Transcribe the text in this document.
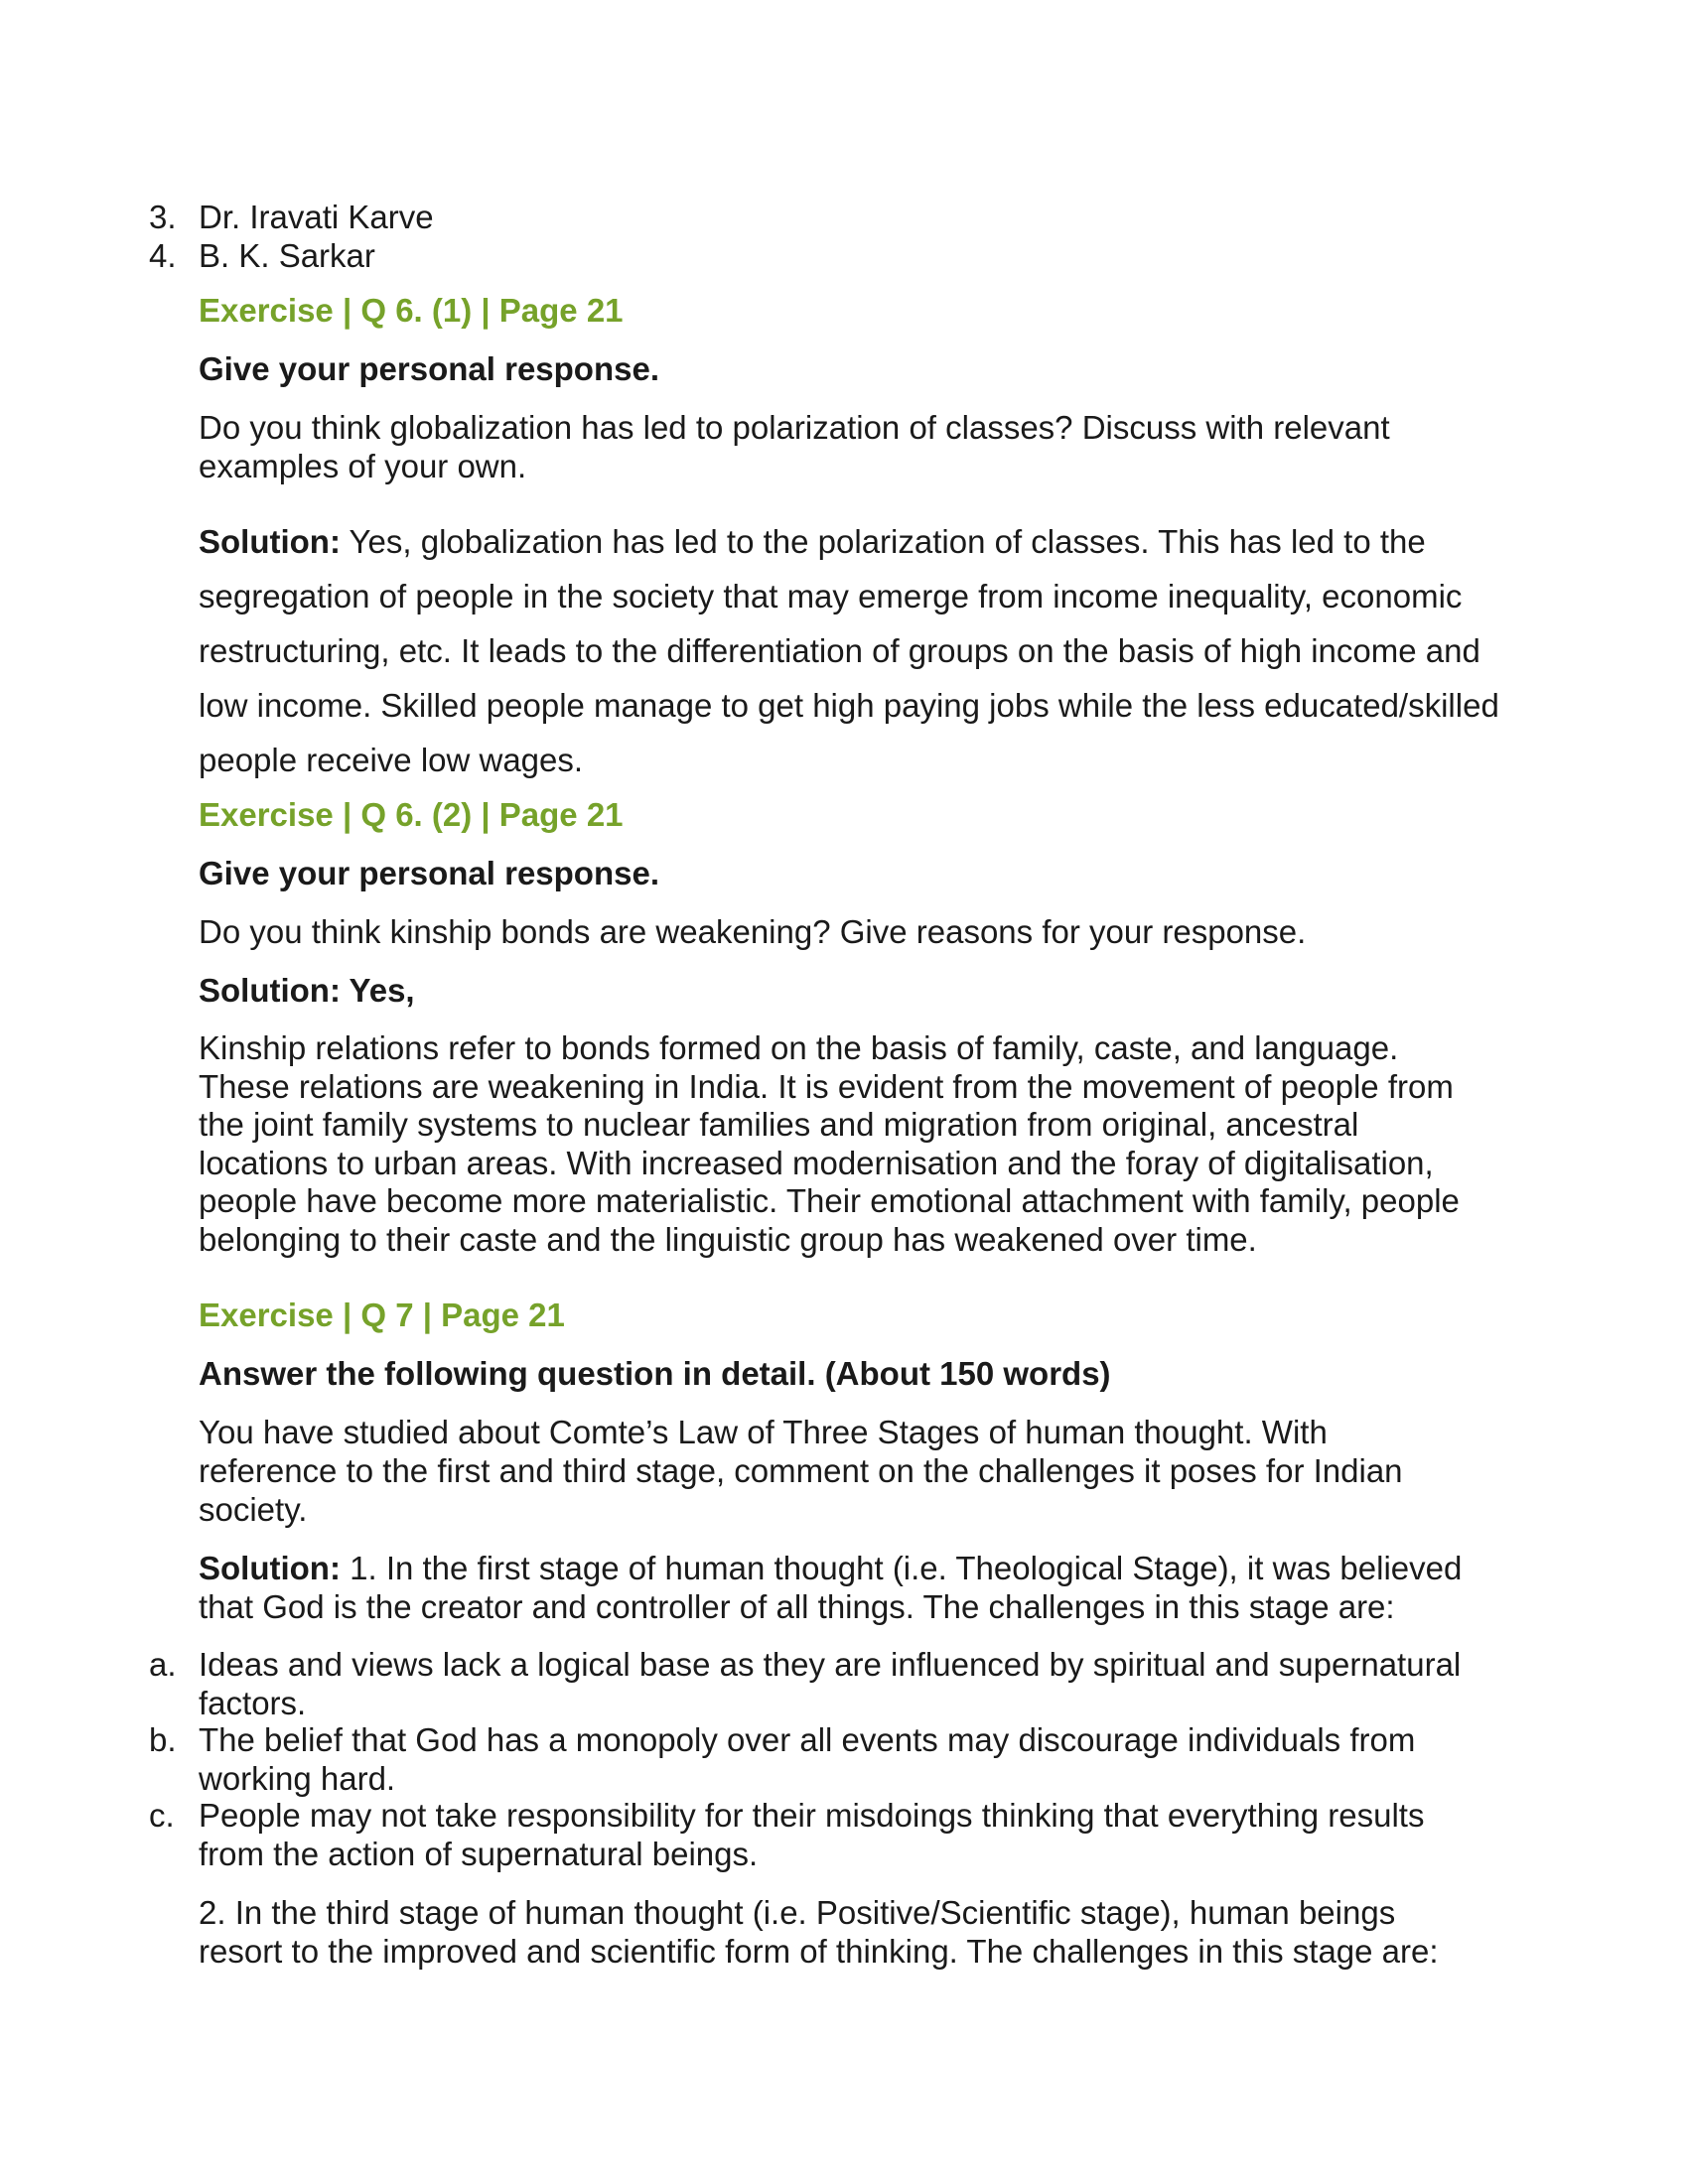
3. Dr. Iravati Karve
4. B. K. Sarkar
Exercise | Q 6. (1) | Page 21
Give your personal response.
Do you think globalization has led to polarization of classes? Discuss with relevant examples of your own.
Solution: Yes, globalization has led to the polarization of classes. This has led to the segregation of people in the society that may emerge from income inequality, economic restructuring, etc. It leads to the differentiation of groups on the basis of high income and low income. Skilled people manage to get high paying jobs while the less educated/skilled people receive low wages.
Exercise | Q 6. (2) | Page 21
Give your personal response.
Do you think kinship bonds are weakening? Give reasons for your response.
Solution: Yes,
Kinship relations refer to bonds formed on the basis of family, caste, and language. These relations are weakening in India. It is evident from the movement of people from the joint family systems to nuclear families and migration from original, ancestral locations to urban areas. With increased modernisation and the foray of digitalisation, people have become more materialistic. Their emotional attachment with family, people belonging to their caste and the linguistic group has weakened over time.
Exercise | Q 7 | Page 21
Answer the following question in detail. (About 150 words)
You have studied about Comte’s Law of Three Stages of human thought. With reference to the first and third stage, comment on the challenges it poses for Indian society.
Solution: 1. In the first stage of human thought (i.e. Theological Stage), it was believed that God is the creator and controller of all things. The challenges in this stage are:
a. Ideas and views lack a logical base as they are influenced by spiritual and supernatural factors.
b. The belief that God has a monopoly over all events may discourage individuals from working hard.
c. People may not take responsibility for their misdoings thinking that everything results from the action of supernatural beings.
2. In the third stage of human thought (i.e. Positive/Scientific stage), human beings resort to the improved and scientific form of thinking. The challenges in this stage are:
